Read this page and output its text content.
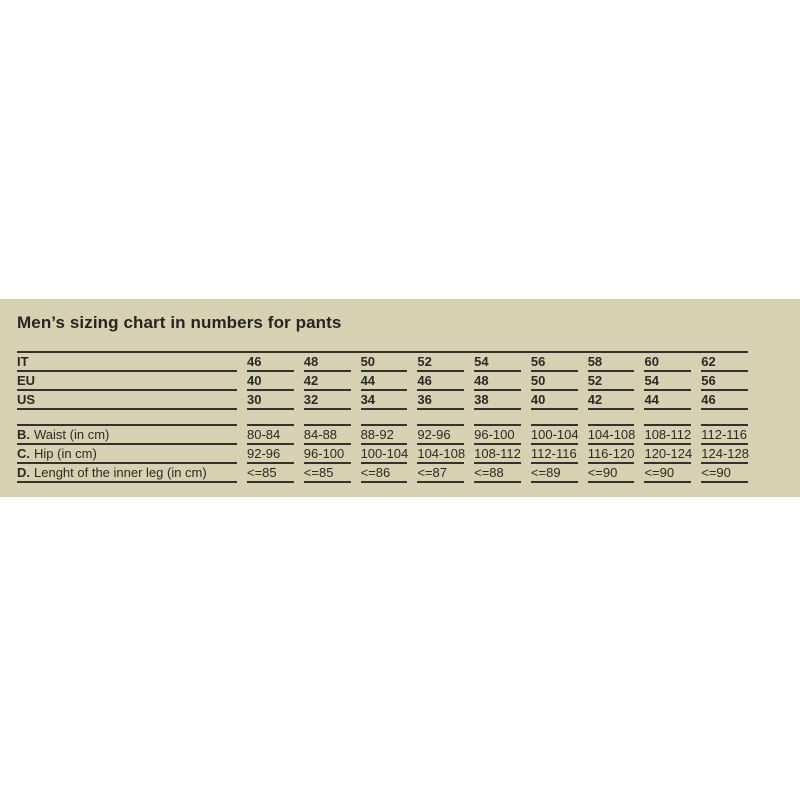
Men’s sizing chart in numbers for pants
IT	46	48	50	52	54	56	58	60	62
EU	40	42	44	46	48	50	52	54	56
US	30	32	34	36	38	40	42	44	46
B. Waist (in cm)	80-84	84-88	88-92	92-96	96-100	100-104 104-108 108-112 112-116
C. Hip (in cm)	92-96	96-100	100-104 104-108 108-112 112-116 116-120 120-124 124-128
D. Lenght of the inner leg (in cm)	<=85	<=85	<=86	<=87	<=88	<=89	<=90	<=90	<=90
